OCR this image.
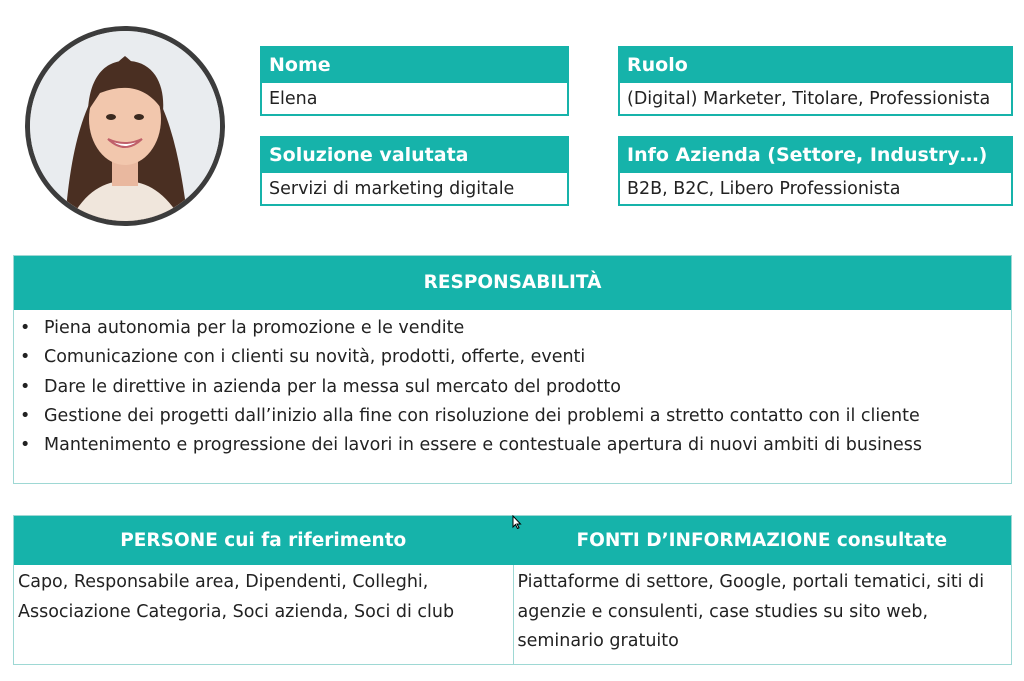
Nome
Elena
Ruolo
(Digital) Marketer, Titolare, Professionista
Soluzione valutata
Servizi di marketing digitale
Info Azienda (Settore, Industry…)
B2B, B2C, Libero Professionista
RESPONSABILITÀ
• Piena autonomia per la promozione e le vendite
• Comunicazione con i clienti su novità, prodotti, offerte, eventi
• Dare le direttive in azienda per la messa sul mercato del prodotto
• Gestione dei progetti dall’inizio alla fine con risoluzione dei problemi a stretto contatto con il cliente
• Mantenimento e progressione dei lavori in essere e contestuale apertura di nuovi ambiti di business
PERSONE cui fa riferimento	FONTI D’INFORMAZIONE consultate
Capo, Responsabile area, Dipendenti, Colleghi,
Associazione Categoria, Soci azienda, Soci di club
Piattaforme di settore, Google, portali tematici, siti di
agenzie e consulenti, case studies su sito web,
seminario gratuito
